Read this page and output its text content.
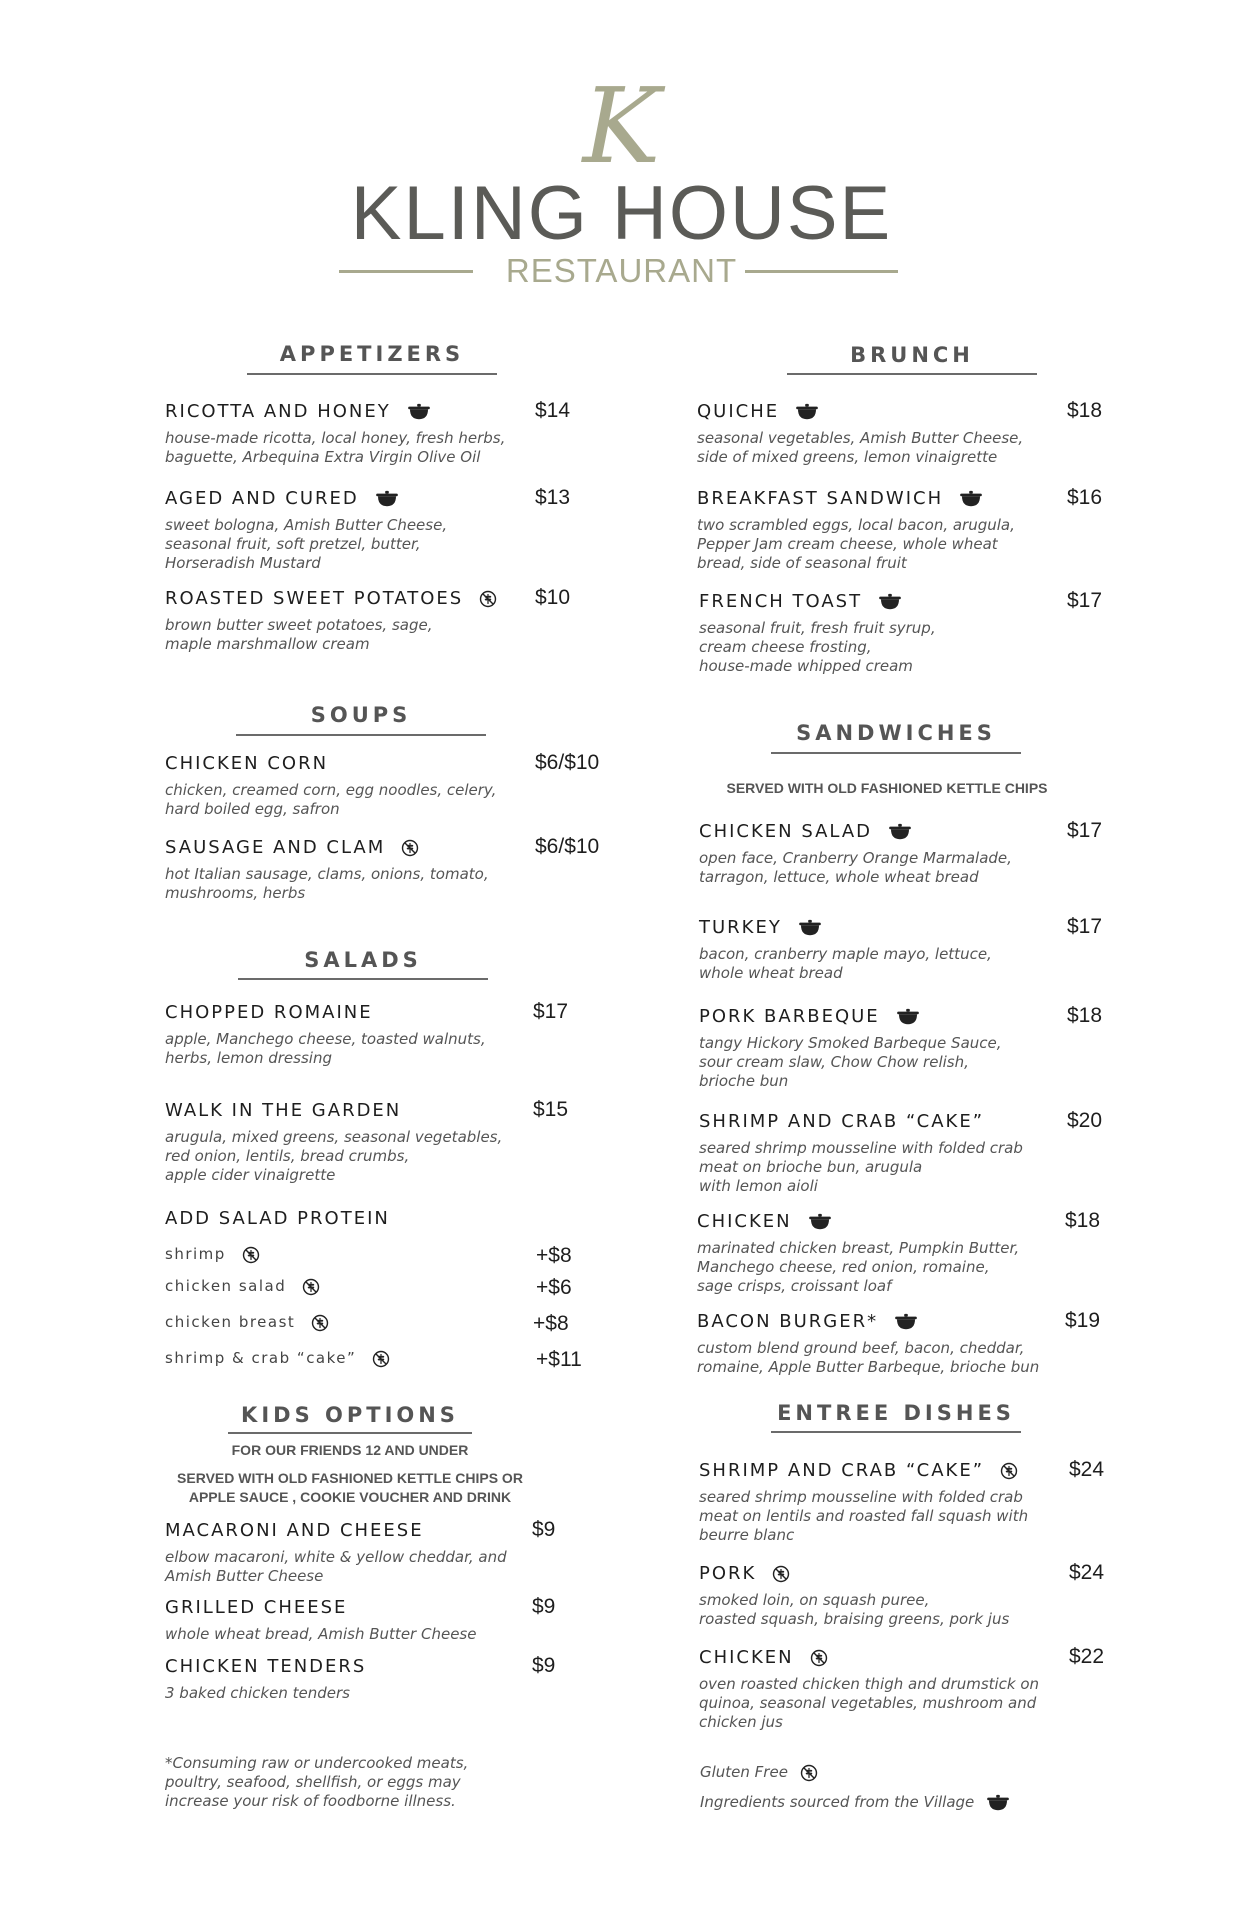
K
KLING HOUSE
RESTAURANT
APPETIZERS
RICOTTA AND HONEY
house-made ricotta, local honey, fresh herbs,
baguette, Arbequina Extra Virgin Olive Oil
$14
AGED AND CURED
sweet bologna, Amish Butter Cheese,
seasonal fruit, soft pretzel, butter,
Horseradish Mustard
$13
ROASTED SWEET POTATOES
brown butter sweet potatoes, sage,
maple marshmallow cream
$10
SOUPS
CHICKEN CORN
chicken, creamed corn, egg noodles, celery,
hard boiled egg, safron
$6/$10
SAUSAGE AND CLAM
hot Italian sausage, clams, onions, tomato,
mushrooms, herbs
$6/$10
SALADS
CHOPPED ROMAINE
apple, Manchego cheese, toasted walnuts,
herbs, lemon dressing
$17
WALK IN THE GARDEN
arugula, mixed greens, seasonal vegetables,
red onion, lentils, bread crumbs,
apple cider vinaigrette
$15
BRUNCH
QUICHE
seasonal vegetables, Amish Butter Cheese,
side of mixed greens, lemon vinaigrette
$18
BREAKFAST SANDWICH
two scrambled eggs, local bacon, arugula,
Pepper Jam cream cheese, whole wheat
bread, side of seasonal fruit
$16
FRENCH TOAST
seasonal fruit, fresh fruit syrup,
cream cheese frosting,
house-made whipped cream
$17
SANDWICHES
CHICKEN SALAD
open face, Cranberry Orange Marmalade,
tarragon, lettuce, whole wheat bread
$17
TURKEY
bacon, cranberry maple mayo, lettuce,
whole wheat bread
$17
PORK BARBEQUE
tangy Hickory Smoked Barbeque Sauce,
sour cream slaw, Chow Chow relish,
brioche bun
$18
SHRIMP AND CRAB “CAKE”
seared shrimp mousseline with folded crab
meat on brioche bun, arugula
with lemon aioli
$20
CHICKEN
marinated chicken breast, Pumpkin Butter,
Manchego cheese, red onion, romaine,
sage crisps, croissant loaf
$18
BACON BURGER*
custom blend ground beef, bacon, cheddar,
romaine, Apple Butter Barbeque, brioche bun
$19
ENTREE DISHES
SHRIMP AND CRAB “CAKE”
seared shrimp mousseline with folded crab
meat on lentils and roasted fall squash with
beurre blanc
$24
PORK
smoked loin, on squash puree,
roasted squash, braising greens, pork jus
$24
CHICKEN
oven roasted chicken thigh and drumstick on
quinoa, seasonal vegetables, mushroom and
chicken jus
$22
KIDS OPTIONS
MACARONI AND CHEESE
elbow macaroni, white & yellow cheddar, and
Amish Butter Cheese
$9
GRILLED CHEESE
whole wheat bread, Amish Butter Cheese
$9
CHICKEN TENDERS
3 baked chicken tenders
$9
ADD SALAD PROTEIN
shrimp	+$8
chicken salad	+$6
chicken breast	+$8
shrimp & crab “cake”	+$11
FOR OUR FRIENDS 12 AND UNDER
SERVED WITH OLD FASHIONED KETTLE CHIPS OR
APPLE SAUCE , COOKIE VOUCHER AND DRINK
SERVED WITH OLD FASHIONED KETTLE CHIPS
*Consuming raw or undercooked meats,
poultry, seafood, shellfish, or eggs may
increase your risk of foodborne illness.
Gluten Free
Ingredients sourced from the Village
